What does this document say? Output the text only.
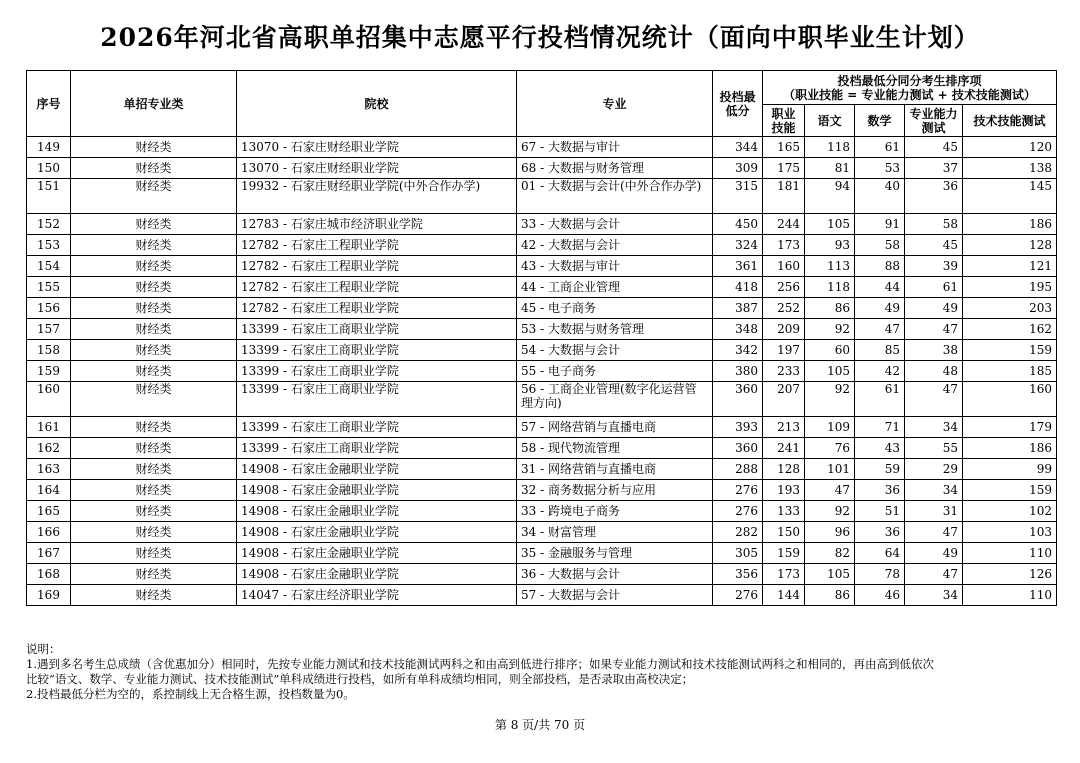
2026年河北省高职单招集中志愿平行投档情况统计（面向中职毕业生计划）
序号	单招专业类	院校	专业	投档最低分	投档最低分同分考生排序项
（职业技能 = 专业能力测试 + 技术技能测试）				

					职业技能	语文	数学	专业能力测试	技术技能测试
149	财经类	13070 - 石家庄财经职业学院	67 - 大数据与审计	344	165	118	61	45	120
150	财经类	13070 - 石家庄财经职业学院	68 - 大数据与财务管理	309	175	81	53	37	138
151	财经类	19932 - 石家庄财经职业学院(中外合作办学)	01 - 大数据与会计(中外合作办学)	315	181	94	40	36	145
152	财经类	12783 - 石家庄城市经济职业学院	33 - 大数据与会计	450	244	105	91	58	186
153	财经类	12782 - 石家庄工程职业学院	42 - 大数据与会计	324	173	93	58	45	128
154	财经类	12782 - 石家庄工程职业学院	43 - 大数据与审计	361	160	113	88	39	121
155	财经类	12782 - 石家庄工程职业学院	44 - 工商企业管理	418	256	118	44	61	195
156	财经类	12782 - 石家庄工程职业学院	45 - 电子商务	387	252	86	49	49	203
157	财经类	13399 - 石家庄工商职业学院	53 - 大数据与财务管理	348	209	92	47	47	162
158	财经类	13399 - 石家庄工商职业学院	54 - 大数据与会计	342	197	60	85	38	159
159	财经类	13399 - 石家庄工商职业学院	55 - 电子商务	380	233	105	42	48	185
160	财经类	13399 - 石家庄工商职业学院	56 - 工商企业管理(数字化运营管理方向)	360	207	92	61	47	160
161	财经类	13399 - 石家庄工商职业学院	57 - 网络营销与直播电商	393	213	109	71	34	179
162	财经类	13399 - 石家庄工商职业学院	58 - 现代物流管理	360	241	76	43	55	186
163	财经类	14908 - 石家庄金融职业学院	31 - 网络营销与直播电商	288	128	101	59	29	99
164	财经类	14908 - 石家庄金融职业学院	32 - 商务数据分析与应用	276	193	47	36	34	159
165	财经类	14908 - 石家庄金融职业学院	33 - 跨境电子商务	276	133	92	51	31	102
166	财经类	14908 - 石家庄金融职业学院	34 - 财富管理	282	150	96	36	47	103
167	财经类	14908 - 石家庄金融职业学院	35 - 金融服务与管理	305	159	82	64	49	110
168	财经类	14908 - 石家庄金融职业学院	36 - 大数据与会计	356	173	105	78	47	126
169	财经类	14047 - 石家庄经济职业学院	57 - 大数据与会计	276	144	86	46	34	110
说明：
1.遇到多名考生总成绩（含优惠加分）相同时，先按专业能力测试和技术技能测试两科之和由高到低进行排序；如果专业能力测试和技术技能测试两科之和相同的，再由高到低依次
比较“语文、数学、专业能力测试、技术技能测试”单科成绩进行投档，如所有单科成绩均相同，则全部投档，是否录取由高校决定；
2.投档最低分栏为空的，系控制线上无合格生源，投档数量为0。
第 8 页/共 70 页
